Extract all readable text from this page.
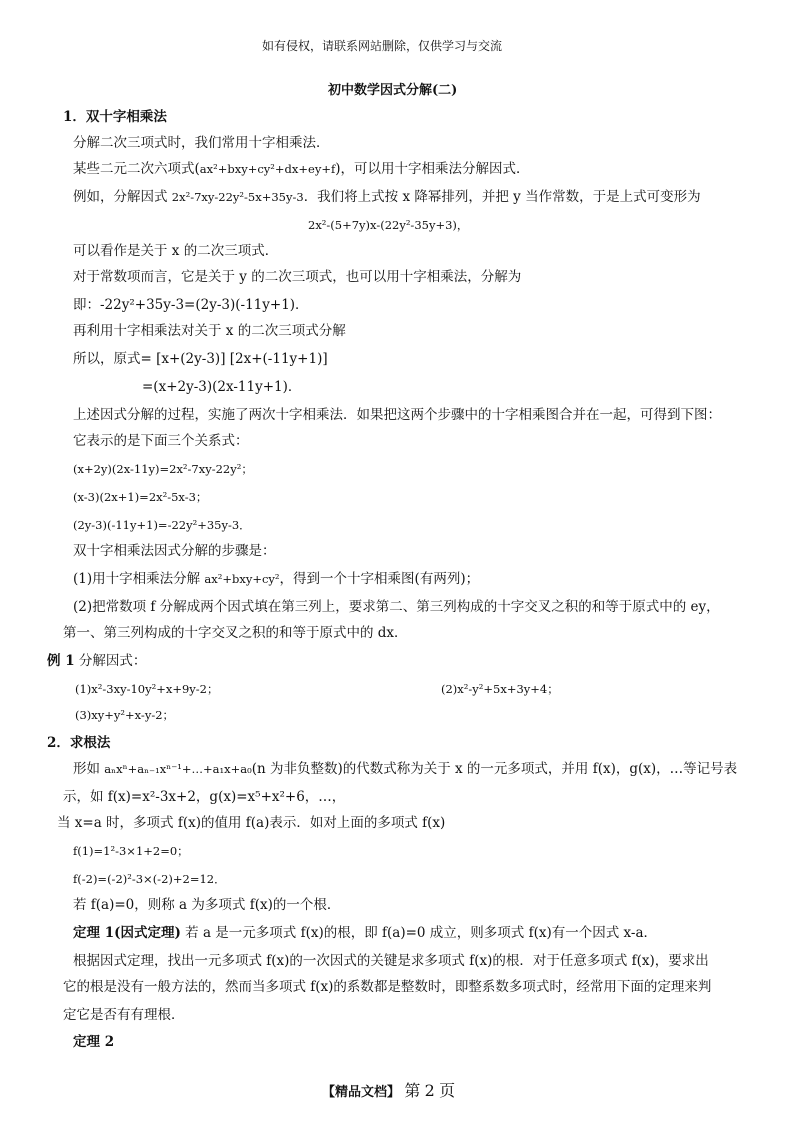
如有侵权，请联系网站删除，仅供学习与交流
初中数学因式分解(二)
1．双十字相乘法
分解二次三项式时，我们常用十字相乘法．
某些二元二次六项式(ax²+bxy+cy²+dx+ey+f)，可以用十字相乘法分解因式．
例如，分解因式 2x²-7xy-22y²-5x+35y-3．我们将上式按 x 降幂排列，并把 y 当作常数，于是上式可变形为
2x²-(5+7y)x-(22y²-35y+3)，
可以看作是关于 x 的二次三项式．
对于常数项而言，它是关于 y 的二次三项式，也可以用十字相乘法，分解为
即：-22y²+35y-3=(2y-3)(-11y+1)．
再利用十字相乘法对关于 x 的二次三项式分解
所以，原式= [x+(2y-3)] [2x+(-11y+1)]
=(x+2y-3)(2x-11y+1)．
上述因式分解的过程，实施了两次十字相乘法．如果把这两个步骤中的十字相乘图合并在一起，可得到下图：
它表示的是下面三个关系式：
(x+2y)(2x-11y)=2x²-7xy-22y²；
(x-3)(2x+1)=2x²-5x-3；
(2y-3)(-11y+1)=-22y²+35y-3．
双十字相乘法因式分解的步骤是：
(1)用十字相乘法分解 ax²+bxy+cy²，得到一个十字相乘图(有两列)；
(2)把常数项 f 分解成两个因式填在第三列上，要求第二、第三列构成的十字交叉之积的和等于原式中的 ey，
第一、第三列构成的十字交叉之积的和等于原式中的 dx．
例 1 分解因式：
(1)x²-3xy-10y²+x+9y-2；	(2)x²-y²+5x+3y+4；
(3)xy+y²+x-y-2；
2．求根法
形如 aₙxⁿ+aₙ₋₁xⁿ⁻¹+…+a₁x+a₀(n 为非负整数)的代数式称为关于 x 的一元多项式，并用 f(x)，g(x)，…等记号表
示，如 f(x)=x²-3x+2，g(x)=x⁵+x²+6，…，
当 x=a 时，多项式 f(x)的值用 f(a)表示．如对上面的多项式 f(x)
f(1)=1²-3×1+2=0；
f(-2)=(-2)²-3×(-2)+2=12．
若 f(a)=0，则称 a 为多项式 f(x)的一个根．
定理 1(因式定理) 若 a 是一元多项式 f(x)的根，即 f(a)=0 成立，则多项式 f(x)有一个因式 x-a．
根据因式定理，找出一元多项式 f(x)的一次因式的关键是求多项式 f(x)的根．对于任意多项式 f(x)，要求出
它的根是没有一般方法的，然而当多项式 f(x)的系数都是整数时，即整系数多项式时，经常用下面的定理来判
定它是否有有理根．
定理 2
【精品文档】 第 2 页
